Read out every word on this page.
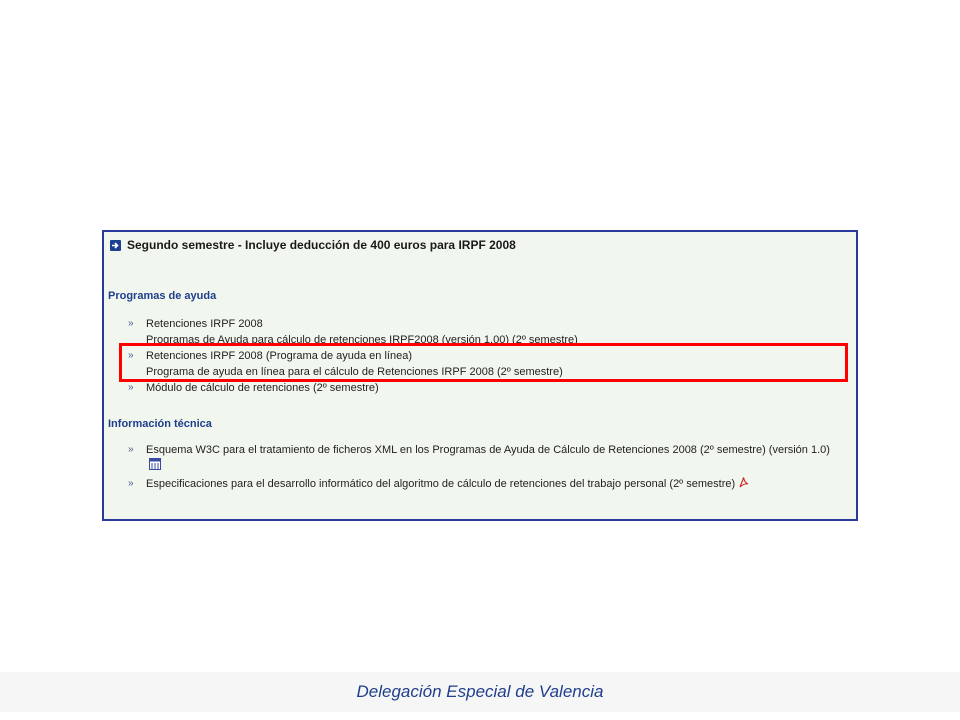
Segundo semestre - Incluye deducción de 400 euros para IRPF 2008
Programas de ayuda
» Retenciones IRPF 2008
Programas de Ayuda para cálculo de retenciones IRPF2008 (versión 1.00) (2º semestre)
» Retenciones IRPF 2008 (Programa de ayuda en línea)
Programa de ayuda en línea para el cálculo de Retenciones IRPF 2008 (2º semestre)
» Módulo de cálculo de retenciones (2º semestre)
Información técnica
» Esquema W3C para el tratamiento de ficheros XML en los Programas de Ayuda de Cálculo de Retenciones 2008 (2º semestre) (versión 1.0)
» Especificaciones para el desarrollo informático del algoritmo de cálculo de retenciones del trabajo personal (2º semestre)
Delegación Especial de Valencia
